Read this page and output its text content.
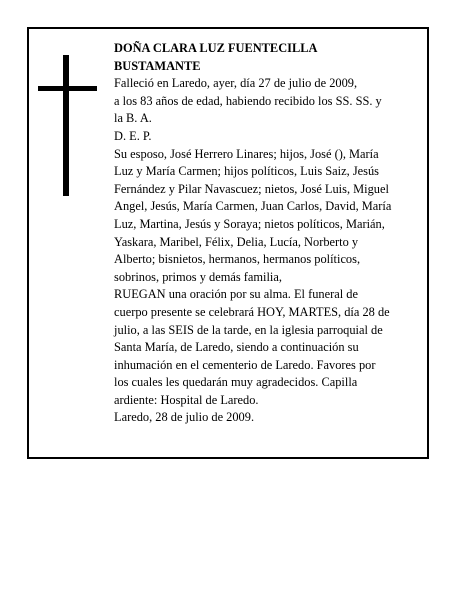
DOÑA CLARA LUZ FUENTECILLA
BUSTAMANTE
Falleció en Laredo, ayer, día 27 de julio de 2009,
a los 83 años de edad, habiendo recibido los SS. SS. y
la B. A.
D. E. P.
Su esposo, José Herrero Linares; hijos, José (), María
Luz y María Carmen; hijos políticos, Luis Saiz, Jesús
Fernández y Pilar Navascuez; nietos, José Luis, Miguel
Angel, Jesús, María Carmen, Juan Carlos, David, María
Luz, Martina, Jesús y Soraya; nietos políticos, Marián,
Yaskara, Maribel, Félix, Delia, Lucía, Norberto y
Alberto; bisnietos, hermanos, hermanos políticos,
sobrinos, primos y demás familia,
RUEGAN una oración por su alma. El funeral de
cuerpo presente se celebrará HOY, MARTES, día 28 de
julio, a las SEIS de la tarde, en la iglesia parroquial de
Santa María, de Laredo, siendo a continuación su
inhumación en el cementerio de Laredo. Favores por
los cuales les quedarán muy agradecidos. Capilla
ardiente: Hospital de Laredo.
Laredo, 28 de julio de 2009.
